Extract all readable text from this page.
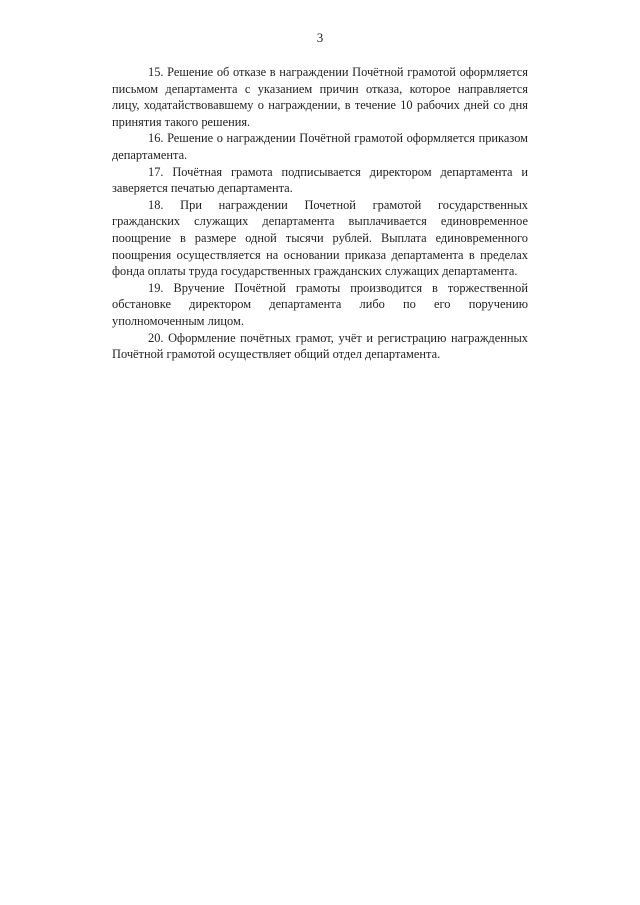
3

15. Решение об отказе в награждении Почётной грамотой оформляется письмом департамента с указанием причин отказа, которое направляется лицу, ходатайствовавшему о награждении, в течение 10 рабочих дней со дня принятия такого решения.

16. Решение о награждении Почётной грамотой оформляется приказом департамента.

17. Почётная грамота подписывается директором департамента и заверяется печатью департамента.

18. При награждении Почетной грамотой государственных гражданских служащих департамента выплачивается единовременное поощрение в размере одной тысячи рублей. Выплата единовременного поощрения осуществляется на основании приказа департамента в пределах фонда оплаты труда государственных гражданских служащих департамента.

19. Вручение Почётной грамоты производится в торжественной обстановке директором департамента либо по его поручению уполномоченным лицом.

20. Оформление почётных грамот, учёт и регистрацию награжденных Почётной грамотой осуществляет общий отдел департамента.
